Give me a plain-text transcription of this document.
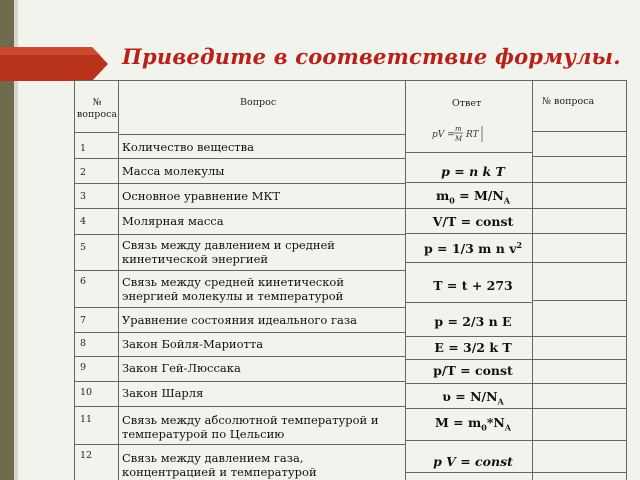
Приведите в соответствие формулы.
№ вопроса
Вопрос	Ответ	№ вопроса
1
2
3
4
5
6
7
8
9
10
11
12
Количество вещества
Масса молекулы
Основное уравнение МКТ
Молярная масса
Связь между давлением и средней кинетической энергией
Связь между средней кинетической энергией молекулы и температурой
Уравнение состояния идеального газа
Закон Бойля-Мариотта
Закон Гей-Люссака
Закон Шарля
Связь между абсолютной температурой и температурой по Цельсию
Связь между давлением газа, концентрацией и температурой
pV =
m
M RT
p = n k T
$m_0 = M/N_A$
V/T = const
p = 1/3 m n $v^2$
T = t + 273
p = 2/3 n E
E = 3/2 k T
p/T = const
$\upsilon = N/N_A$
$M = m_0*N_A$
p V = const
